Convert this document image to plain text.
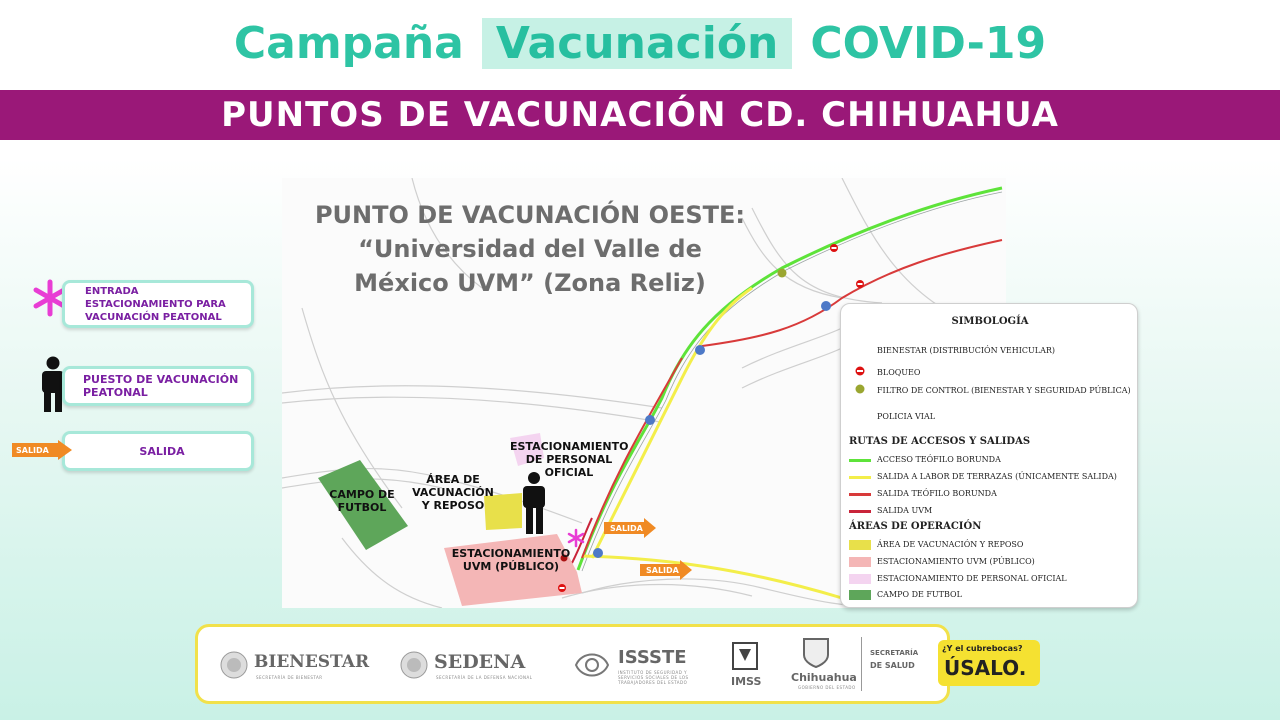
Campaña Vacunación COVID-19
PUNTOS DE VACUNACIÓN CD. CHIHUAHUA
ENTRADA ESTACIONAMIENTO PARA VACUNACIÓN PEATONAL
PUESTO DE VACUNACIÓN PEATONAL
SALIDA
SALIDA
SALIDA
SALIDA
ESTACIONAMIENTO DE PERSONAL OFICIAL
ÁREA DE VACUNACIÓN Y REPOSO
CAMPO DE FUTBOL
ESTACIONAMIENTO UVM (PÚBLICO)
PUNTO DE VACUNACIÓN OESTE:
“Universidad del Valle de
México UVM” (Zona Reliz)
SIMBOLOGÍA
BIENESTAR (DISTRIBUCIÓN VEHICULAR)
BLOQUEO
FILTRO DE CONTROL (BIENESTAR Y SEGURIDAD PÚBLICA)
POLICIA VIAL
RUTAS DE ACCESOS Y SALIDAS
ACCESO TEÓFILO BORUNDA
SALIDA A LABOR DE TERRAZAS (ÚNICAMENTE SALIDA)
SALIDA TEÓFILO BORUNDA
SALIDA UVM
ÁREAS DE OPERACIÓN
ÁREA DE VACUNACIÓN Y REPOSO
ESTACIONAMIENTO UVM (PÚBLICO)
ESTACIONAMIENTO DE PERSONAL OFICIAL
CAMPO DE FUTBOL
BIENESTAR
SECRETARÍA DE BIENESTAR
SEDENA
SECRETARÍA DE LA DEFENSA NACIONAL
ISSSTE
INSTITUTO DE SEGURIDAD Y SERVICIOS SOCIALES DE LOS TRABAJADORES DEL ESTADO	IMSS	Chihuahua
GOBIERNO DEL ESTADO
SECRETARÍA
DE SALUD
¿Y el cubrebocas?
ÚSALO.
